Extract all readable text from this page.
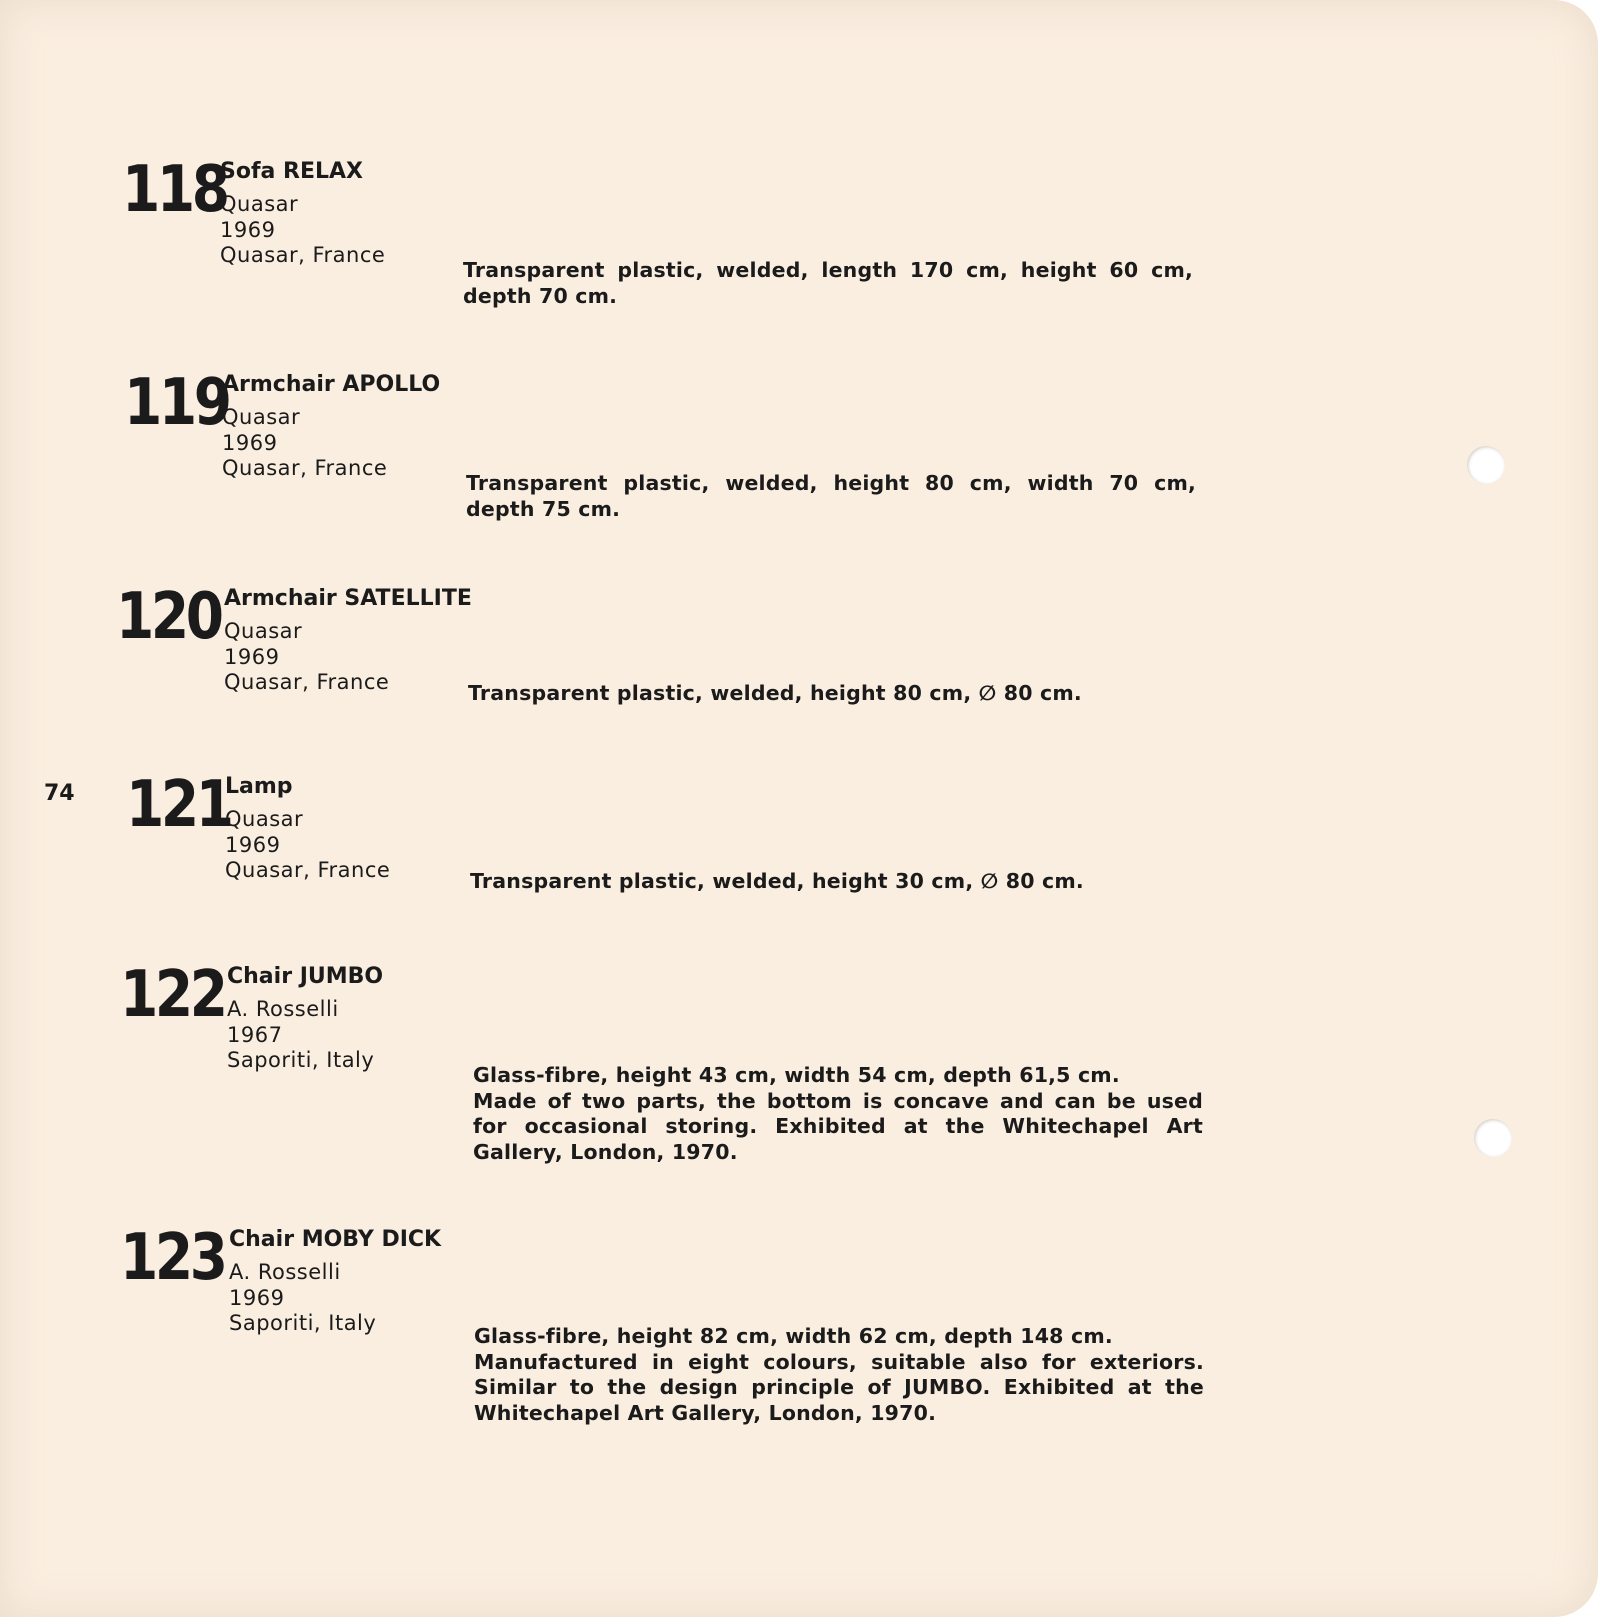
74
118
Sofa RELAX
Quasar
1969
Quasar, France
Transparent plastic, welded, length 170 cm, height 60 cm, depth 70 cm.
119
Armchair APOLLO
Quasar
1969
Quasar, France
Transparent plastic, welded, height 80 cm, width 70 cm, depth 75 cm.
120 Armchair SATELLITE
Quasar
1969
Quasar, France	Transparent plastic, welded, height 80 cm, ∅ 80 cm.
121
Lamp
Quasar
1969
Quasar, France	Transparent plastic, welded, height 30 cm, ∅ 80 cm.
122 Chair JUMBO
A. Rosselli
1967
Saporiti, Italy
Glass-fibre, height 43 cm, width 54 cm, depth 61,5 cm.
Made of two parts, the bottom is concave and can be used for occasional storing. Exhibited at the Whitechapel Art Gallery, London, 1970.
123 Chair MOBY DICK
A. Rosselli
1969
Saporiti, Italy
Glass-fibre, height 82 cm, width 62 cm, depth 148 cm.
Manufactured in eight colours, suitable also for exteriors. Similar to the design principle of JUMBO. Exhibited at the Whitechapel Art Gallery, London, 1970.
